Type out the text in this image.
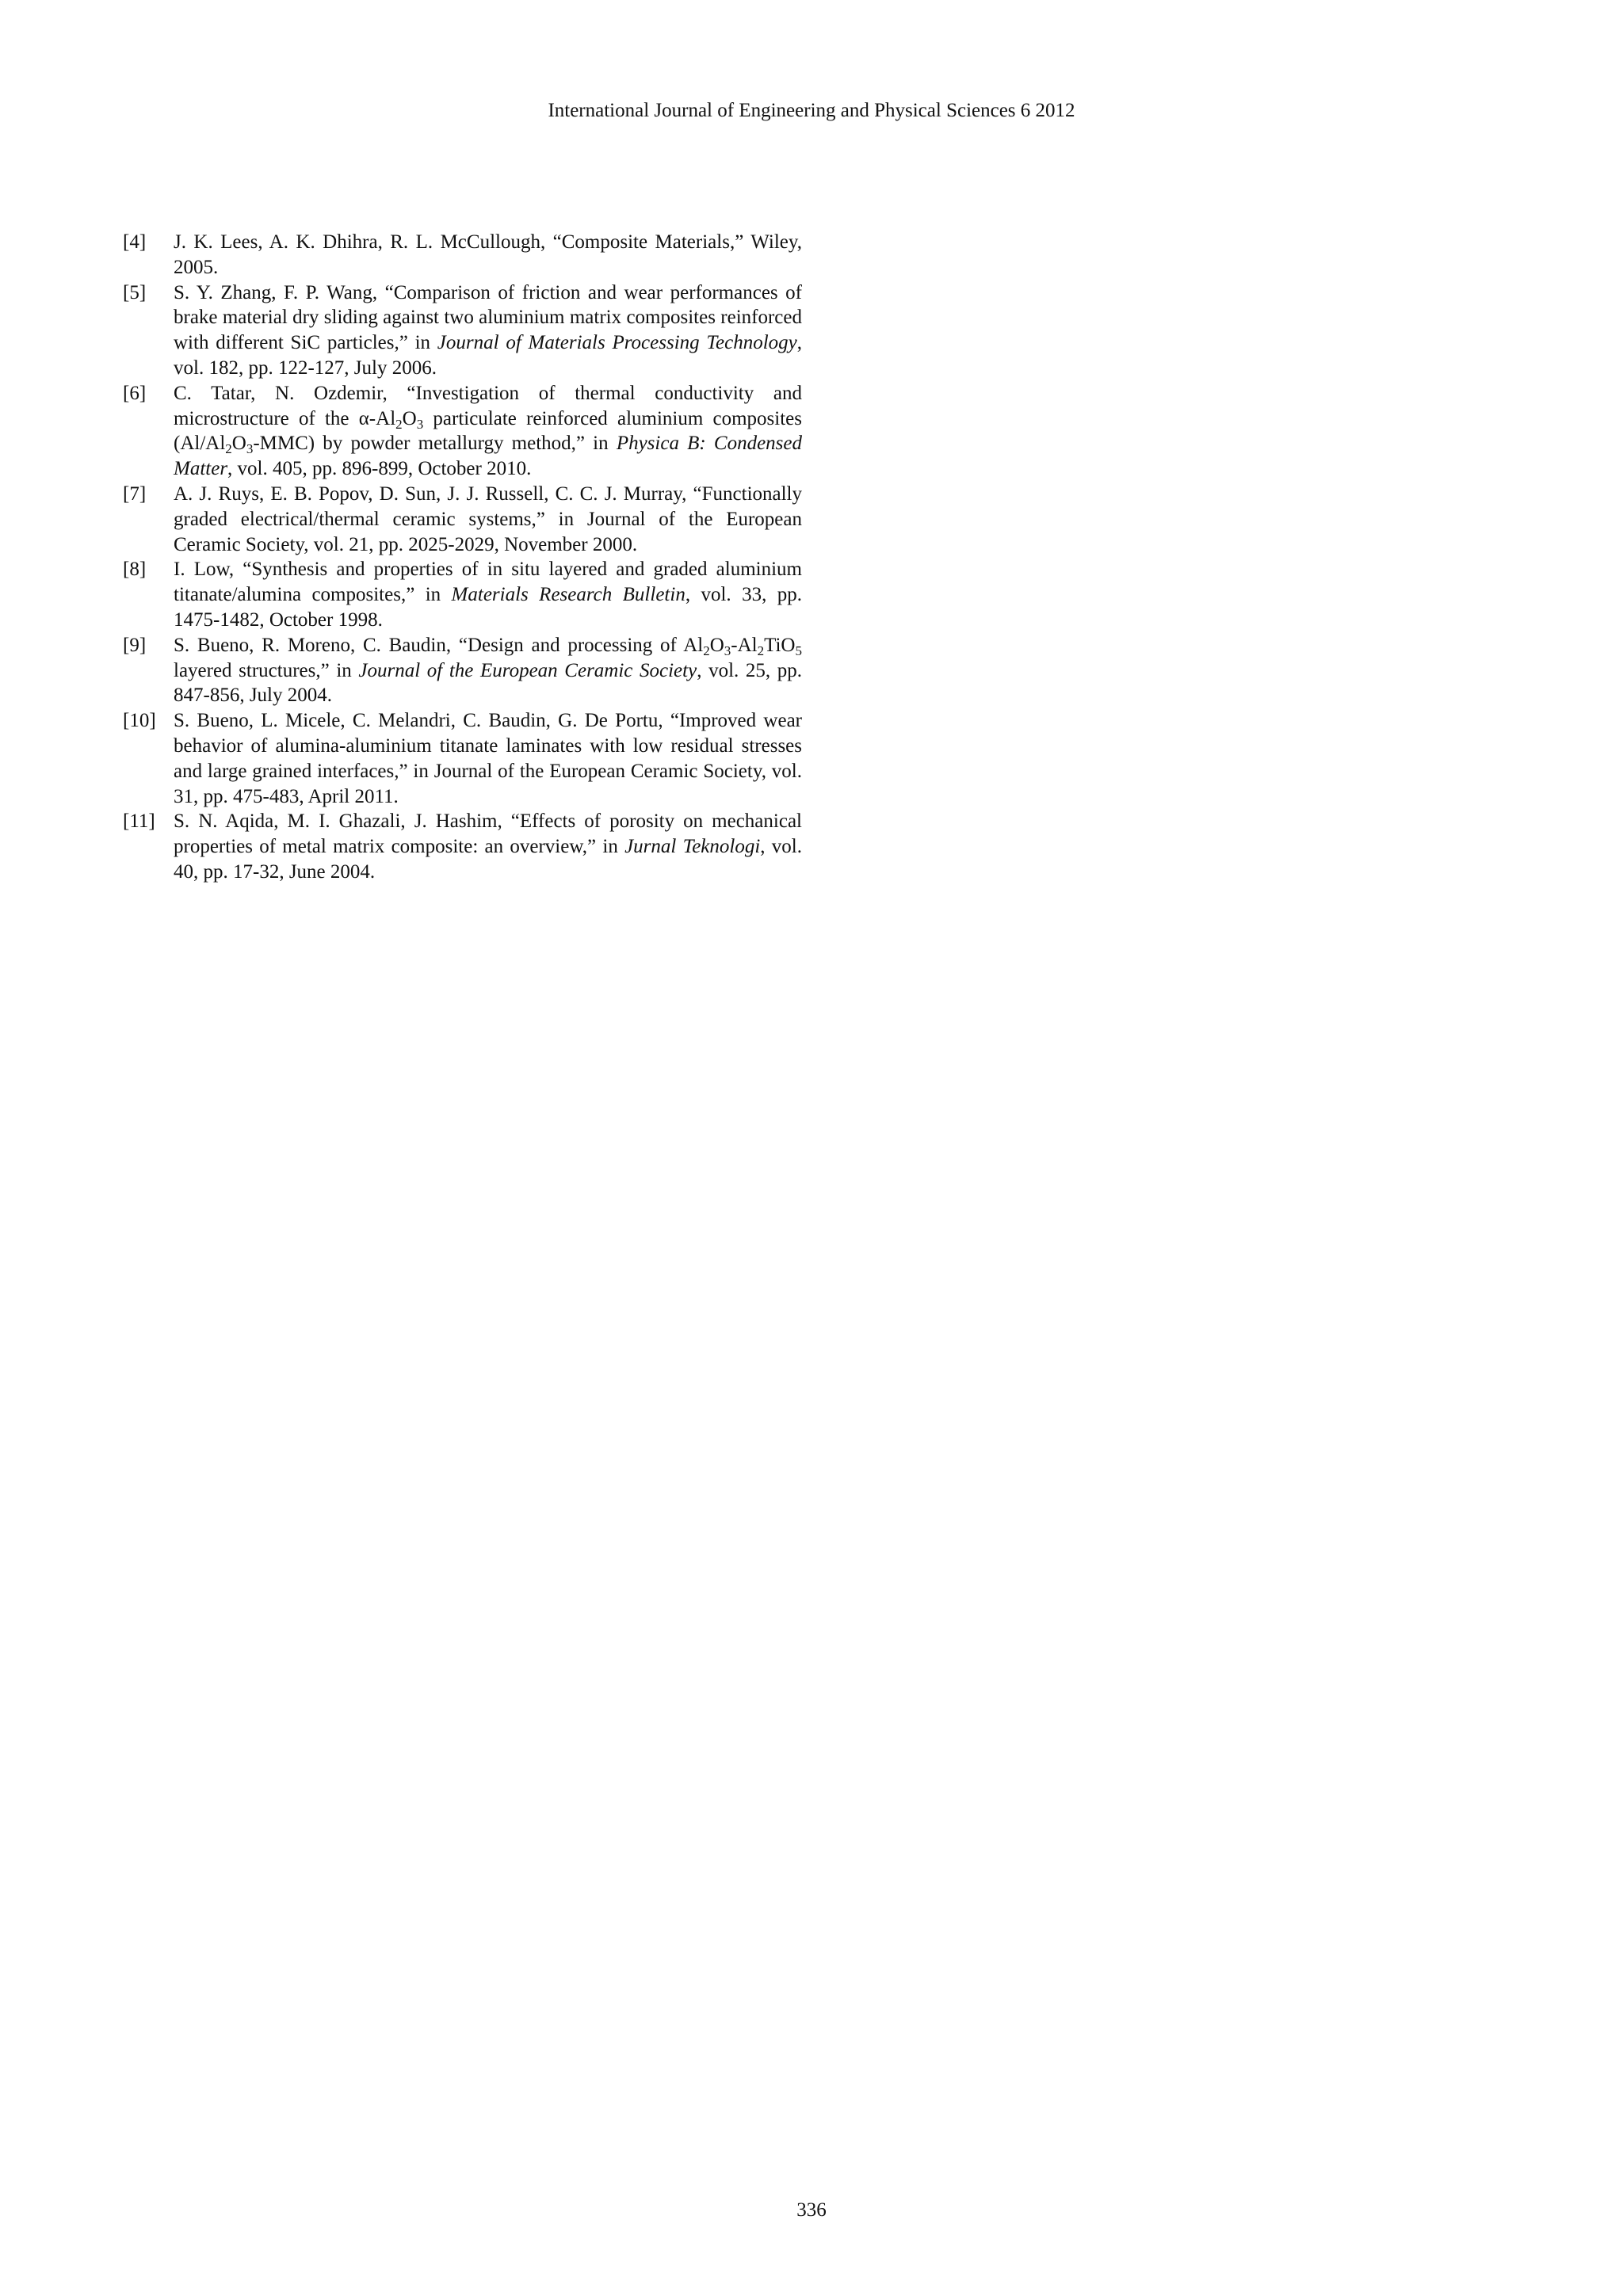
International Journal of Engineering and Physical Sciences 6 2012
[4] J. K. Lees, A. K. Dhihra, R. L. McCullough, “Composite Materials,” Wiley, 2005.
[5] S. Y. Zhang, F. P. Wang, “Comparison of friction and wear performances of brake material dry sliding against two aluminium matrix composites reinforced with different SiC particles,” in Journal of Materials Processing Technology, vol. 182, pp. 122-127, July 2006.
[6] C. Tatar, N. Ozdemir, “Investigation of thermal conductivity and microstructure of the $\alpha-Al_2O_3$ particulate reinforced aluminium composites $(Al/Al_2O_3-MMC)$ by powder metallurgy method,” in Physica B: Condensed Matter, vol. 405, pp. 896-899, October 2010.
[7] A. J. Ruys, E. B. Popov, D. Sun, J. J. Russell, C. C. J. Murray, “Functionally graded electrical/thermal ceramic systems,” in Journal of the European Ceramic Society, vol. 21, pp. 2025-2029, November 2000.
[8] I. Low, “Synthesis and properties of in situ layered and graded aluminium titanate/alumina composites,” in Materials Research Bulletin, vol. 33, pp. 1475-1482, October 1998.
[9] S. Bueno, R. Moreno, C. Baudin, “Design and processing of $Al_2O_3-Al_2TiO_5$ layered structures,” in Journal of the European Ceramic Society, vol. 25, pp. 847-856, July 2004.
[10] S. Bueno, L. Micele, C. Melandri, C. Baudin, G. De Portu, “Improved wear behavior of alumina-aluminium titanate laminates with low residual stresses and large grained interfaces,” in Journal of the European Ceramic Society, vol. 31, pp. 475-483, April 2011.
[11] S. N. Aqida, M. I. Ghazali, J. Hashim, “Effects of porosity on mechanical properties of metal matrix composite: an overview,” in Jurnal Teknologi, vol. 40, pp. 17-32, June 2004.
336
